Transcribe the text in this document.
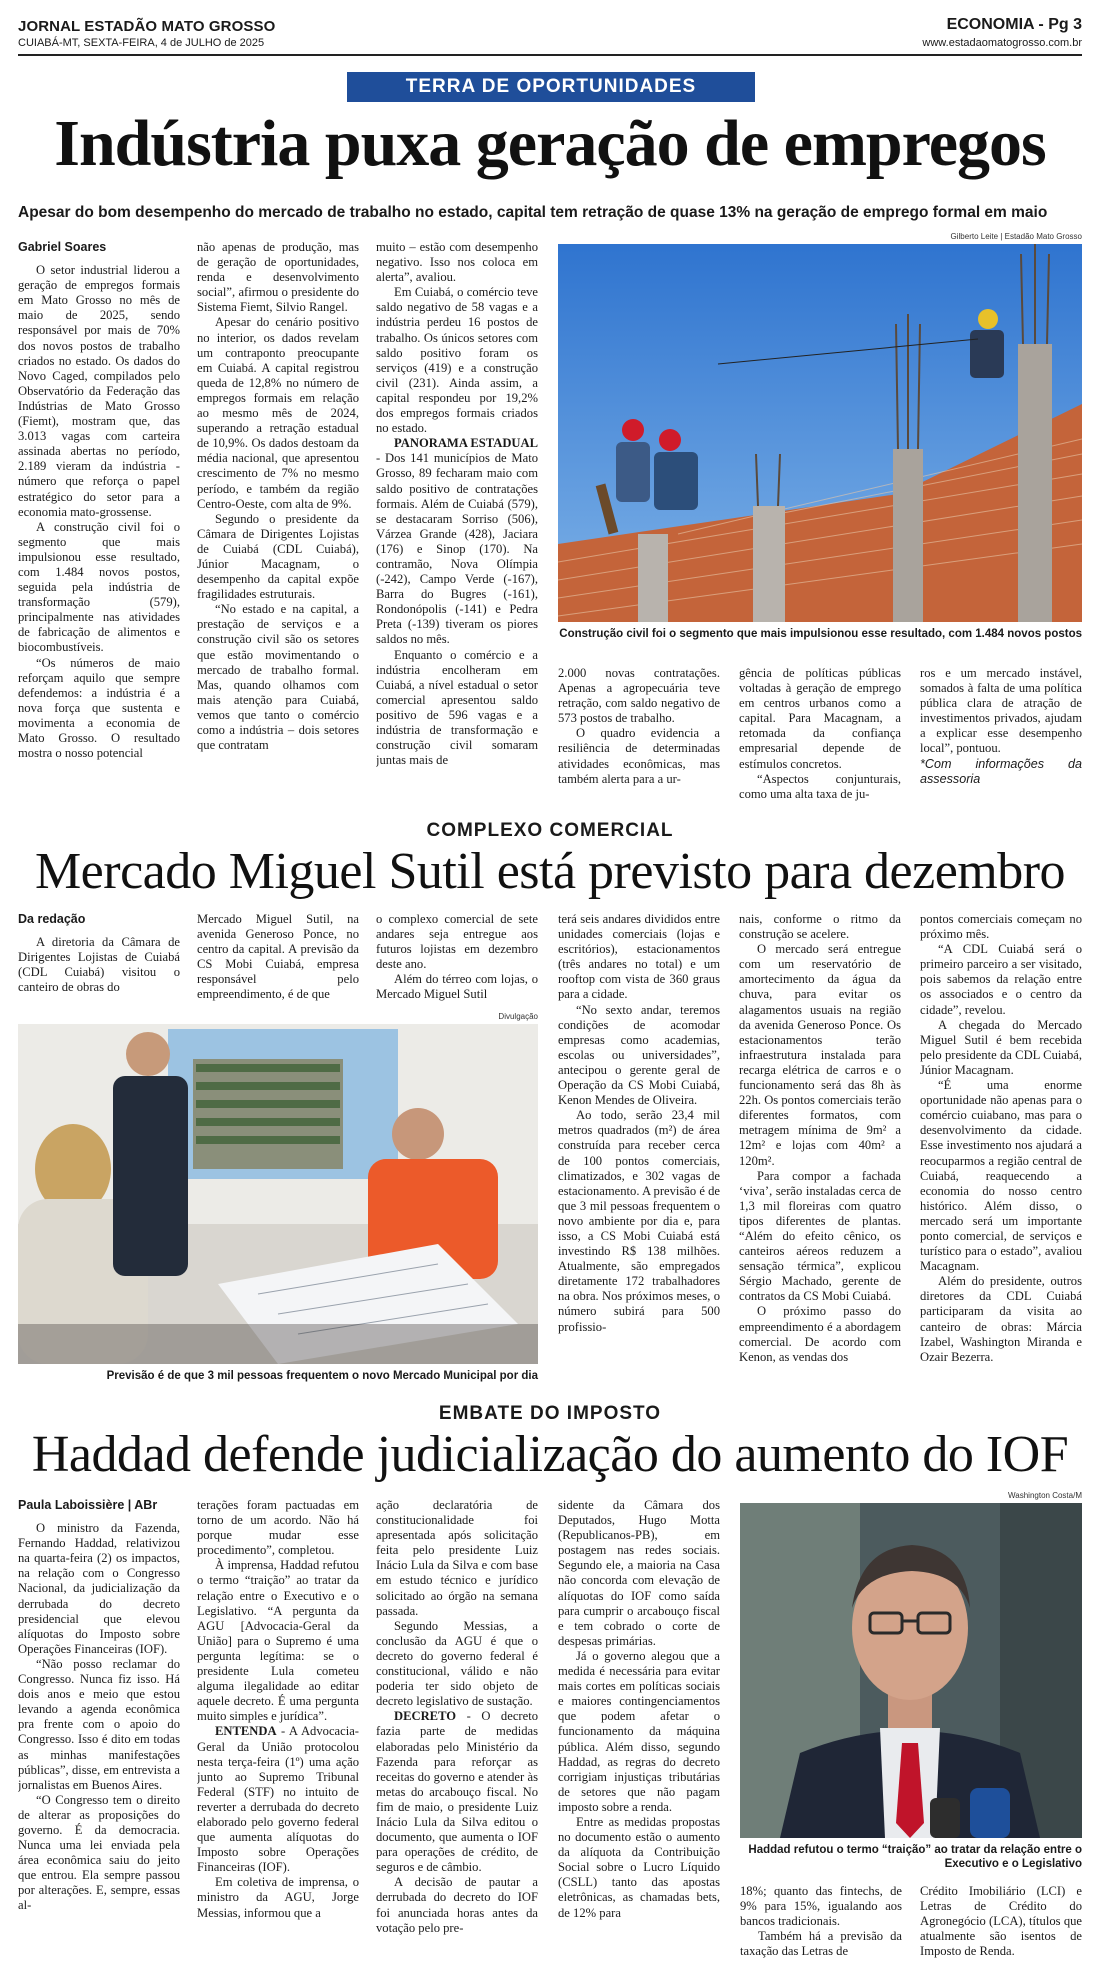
JORNAL ESTADÃO MATO GROSSO
CUIABÁ-MT, SEXTA-FEIRA, 4 de JULHO de 2025
ECONOMIA - Pg 3
www.estadaomatogrosso.com.br
TERRA DE OPORTUNIDADES
Indústria puxa geração de empregos
Apesar do bom desempenho do mercado de trabalho no estado, capital tem retração de quase 13% na geração de emprego formal em maio

Gabriel Soares

O setor industrial liderou a geração de empregos formais em Mato Grosso no mês de maio de 2025, sendo responsável por mais de 70% dos novos postos de trabalho criados no estado. Os dados do Novo Caged, compilados pelo Observatório da Federação das Indústrias de Mato Grosso (Fiemt), mostram que, das 3.013 vagas com carteira assinada abertas no período, 2.189 vieram da indústria - número que reforça o papel estratégico do setor para a economia mato-grossense.

A construção civil foi o segmento que mais impulsionou esse resultado, com 1.484 novos postos, seguida pela indústria de transformação (579), principalmente nas atividades de fabricação de alimentos e biocombustíveis.

“Os números de maio reforçam aquilo que sempre defendemos: a indústria é a nova força que sustenta e movimenta a economia de Mato Grosso. O resultado mostra o nosso potencial

não apenas de produção, mas de geração de oportunidades, renda e desenvolvimento social”, afirmou o presidente do Sistema Fiemt, Silvio Rangel.

Apesar do cenário positivo no interior, os dados revelam um contraponto preocupante em Cuiabá. A capital registrou queda de 12,8% no número de empregos formais em relação ao mesmo mês de 2024, superando a retração estadual de 10,9%. Os dados destoam da média nacional, que apresentou crescimento de 7% no mesmo período, e também da região Centro-Oeste, com alta de 9%.

Segundo o presidente da Câmara de Dirigentes Lojistas de Cuiabá (CDL Cuiabá), Júnior Macagnam, o desempenho da capital expõe fragilidades estruturais.

“No estado e na capital, a prestação de serviços e a construção civil são os setores que estão movimentando o mercado de trabalho formal. Mas, quando olhamos com mais atenção para Cuiabá, vemos que tanto o comércio como a indústria – dois setores que contratam

muito – estão com desempenho negativo. Isso nos coloca em alerta”, avaliou.

Em Cuiabá, o comércio teve saldo negativo de 58 vagas e a indústria perdeu 16 postos de trabalho. Os únicos setores com saldo positivo foram os serviços (419) e a construção civil (231). Ainda assim, a capital respondeu por 19,2% dos empregos formais criados no estado.

PANORAMA ESTADUAL - Dos 141 municípios de Mato Grosso, 89 fecharam maio com saldo positivo de contratações formais. Além de Cuiabá (579), se destacaram Sorriso (506), Várzea Grande (428), Jaciara (176) e Sinop (170). Na contramão, Nova Olímpia (-242), Campo Verde (-167), Barra do Bugres (-161), Rondonópolis (-141) e Pedra Preta (-139) tiveram os piores saldos no mês.

Enquanto o comércio e a indústria encolheram em Cuiabá, a nível estadual o setor comercial apresentou saldo positivo de 596 vagas e a indústria de transformação e construção civil somaram juntas mais de

Gilberto Leite | Estadão Mato Grosso
Construção civil foi o segmento que mais impulsionou esse resultado, com 1.484 novos postos

2.000 novas contratações. Apenas a agropecuária teve retração, com saldo negativo de 573 postos de trabalho.

O quadro evidencia a resiliência de determinadas atividades econômicas, mas também alerta para a ur-

gência de políticas públicas voltadas à geração de emprego em centros urbanos como a capital. Para Macagnam, a retomada da confiança empresarial depende de estímulos concretos.

“Aspectos conjunturais, como uma alta taxa de ju-

ros e um mercado instável, somados à falta de uma política pública clara de atração de investimentos privados, ajudam a explicar esse desempenho local”, pontuou.

*Com informações da assessoria

COMPLEXO COMERCIAL
Mercado Miguel Sutil está previsto para dezembro

Da redação

A diretoria da Câmara de Dirigentes Lojistas de Cuiabá (CDL Cuiabá) visitou o canteiro de obras do

Mercado Miguel Sutil, na avenida Generoso Ponce, no centro da capital. A previsão da CS Mobi Cuiabá, empresa responsável pelo empreendimento, é de que

o complexo comercial de sete andares seja entregue aos futuros lojistas em dezembro deste ano.

Além do térreo com lojas, o Mercado Miguel Sutil

Divulgação
Previsão é de que 3 mil pessoas frequentem o novo Mercado Municipal por dia

terá seis andares divididos entre unidades comerciais (lojas e escritórios), estacionamentos (três andares no total) e um rooftop com vista de 360 graus para a cidade.

“No sexto andar, teremos condições de acomodar empresas como academias, escolas ou universidades”, antecipou o gerente geral de Operação da CS Mobi Cuiabá, Kenon Mendes de Oliveira.

Ao todo, serão 23,4 mil metros quadrados (m²) de área construída para receber cerca de 100 pontos comerciais, climatizados, e 302 vagas de estacionamento. A previsão é de que 3 mil pessoas frequentem o novo ambiente por dia e, para isso, a CS Mobi Cuiabá está investindo R$ 138 milhões. Atualmente, são empregados diretamente 172 trabalhadores na obra. Nos próximos meses, o número subirá para 500 profissio-

nais, conforme o ritmo da construção se acelere.

O mercado será entregue com um reservatório de amortecimento da água da chuva, para evitar os alagamentos usuais na região da avenida Generoso Ponce. Os estacionamentos terão infraestrutura instalada para recarga elétrica de carros e o funcionamento será das 8h às 22h. Os pontos comerciais terão diferentes formatos, com metragem mínima de 9m² a 12m² e lojas com 40m² a 120m².

Para compor a fachada ‘viva’, serão instaladas cerca de 1,3 mil floreiras com quatro tipos diferentes de plantas. “Além do efeito cênico, os canteiros aéreos reduzem a sensação térmica”, explicou Sérgio Machado, gerente de contratos da CS Mobi Cuiabá.

O próximo passo do empreendimento é a abordagem comercial. De acordo com Kenon, as vendas dos

pontos comerciais começam no próximo mês.

“A CDL Cuiabá será o primeiro parceiro a ser visitado, pois sabemos da relação entre os associados e o centro da cidade”, revelou.

A chegada do Mercado Miguel Sutil é bem recebida pelo presidente da CDL Cuiabá, Júnior Macagnam.

“É uma enorme oportunidade não apenas para o comércio cuiabano, mas para o desenvolvimento da cidade. Esse investimento nos ajudará a reocuparmos a região central de Cuiabá, reaquecendo a economia do nosso centro histórico. Além disso, o mercado será um importante ponto comercial, de serviços e turístico para o estado”, avaliou Macagnam.

Além do presidente, outros diretores da CDL Cuiabá participaram da visita ao canteiro de obras: Márcia Izabel, Washington Miranda e Ozair Bezerra.

EMBATE DO IMPOSTO
Haddad defende judicialização do aumento do IOF

Paula Laboissière | ABr

O ministro da Fazenda, Fernando Haddad, relativizou na quarta-feira (2) os impactos, na relação com o Congresso Nacional, da judicialização da derrubada do decreto presidencial que elevou alíquotas do Imposto sobre Operações Financeiras (IOF).

“Não posso reclamar do Congresso. Nunca fiz isso. Há dois anos e meio que estou levando a agenda econômica pra frente com o apoio do Congresso. Isso é dito em todas as minhas manifestações públicas”, disse, em entrevista a jornalistas em Buenos Aires.

“O Congresso tem o direito de alterar as proposições do governo. É da democracia. Nunca uma lei enviada pela área econômica saiu do jeito que entrou. Ela sempre passou por alterações. E, sempre, essas al-

terações foram pactuadas em torno de um acordo. Não há porque mudar esse procedimento”, completou.

À imprensa, Haddad refutou o termo “traição” ao tratar da relação entre o Executivo e o Legislativo. “A pergunta da AGU [Advocacia-Geral da União] para o Supremo é uma pergunta legítima: se o presidente Lula cometeu alguma ilegalidade ao editar aquele decreto. É uma pergunta muito simples e jurídica”.

ENTENDA - A Advocacia-Geral da União protocolou nesta terça-feira (1º) uma ação junto ao Supremo Tribunal Federal (STF) no intuito de reverter a derrubada do decreto elaborado pelo governo federal que aumenta alíquotas do Imposto sobre Operações Financeiras (IOF).

Em coletiva de imprensa, o ministro da AGU, Jorge Messias, informou que a

ação declaratória de constitucionalidade foi apresentada após solicitação feita pelo presidente Luiz Inácio Lula da Silva e com base em estudo técnico e jurídico solicitado ao órgão na semana passada.

Segundo Messias, a conclusão da AGU é que o decreto do governo federal é constitucional, válido e não poderia ter sido objeto de decreto legislativo de sustação.

DECRETO - O decreto fazia parte de medidas elaboradas pelo Ministério da Fazenda para reforçar as receitas do governo e atender às metas do arcabouço fiscal. No fim de maio, o presidente Luiz Inácio Lula da Silva editou o documento, que aumenta o IOF para operações de crédito, de seguros e de câmbio.

A decisão de pautar a derrubada do decreto do IOF foi anunciada horas antes da votação pelo pre-

sidente da Câmara dos Deputados, Hugo Motta (Republicanos-PB), em postagem nas redes sociais. Segundo ele, a maioria na Casa não concorda com elevação de alíquotas do IOF como saída para cumprir o arcabouço fiscal e tem cobrado o corte de despesas primárias.

Já o governo alegou que a medida é necessária para evitar mais cortes em políticas sociais e maiores contingenciamentos que podem afetar o funcionamento da máquina pública. Além disso, segundo Haddad, as regras do decreto corrigiam injustiças tributárias de setores que não pagam imposto sobre a renda.

Entre as medidas propostas no documento estão o aumento da alíquota da Contribuição Social sobre o Lucro Líquido (CSLL) tanto das apostas eletrônicas, as chamadas bets, de 12% para

Washington Costa/M
Haddad refutou o termo “traição” ao tratar da relação entre o Executivo e o Legislativo

18%; quanto das fintechs, de 9% para 15%, igualando aos bancos tradicionais.

Também há a previsão da taxação das Letras de

Crédito Imobiliário (LCI) e Letras de Crédito do Agronegócio (LCA), títulos que atualmente são isentos de Imposto de Renda.
